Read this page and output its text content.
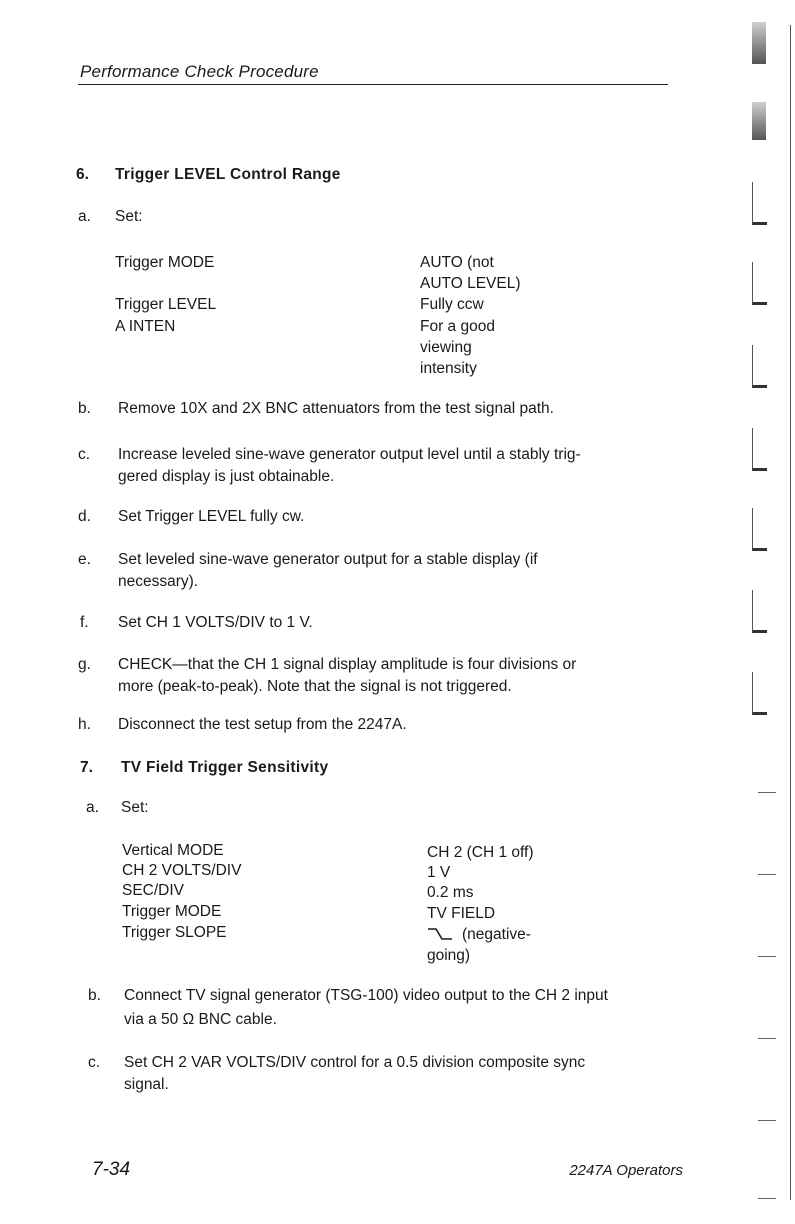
Performance Check Procedure
6. Trigger LEVEL Control Range
a. Set:
Trigger MODE	AUTO (not
AUTO LEVEL)
Trigger LEVEL	Fully ccw
A INTEN	For a good
viewing
intensity
b. Remove 10X and 2X BNC attenuators from the test signal path.
c. Increase leveled sine-wave generator output level until a stably trig-
gered display is just obtainable.
d. Set Trigger LEVEL fully cw.
e. Set leveled sine-wave generator output for a stable display (if
necessary).
f. Set CH 1 VOLTS/DIV to 1 V.
g. CHECK—that the CH 1 signal display amplitude is four divisions or
more (peak-to-peak). Note that the signal is not triggered.
h. Disconnect the test setup from the 2247A.
7. TV Field Trigger Sensitivity
a. Set:
Vertical MODE	CH 2 (CH 1 off)
CH 2 VOLTS/DIV	1 V
SEC/DIV	0.2 ms
Trigger MODE	TV FIELD
Trigger SLOPE	(negative-
going)
b. Connect TV signal generator (TSG-100) video output to the CH 2 input
via a 50 Ω BNC cable.
c. Set CH 2 VAR VOLTS/DIV control for a 0.5 division composite sync
signal.
7-34	2247A Operators
